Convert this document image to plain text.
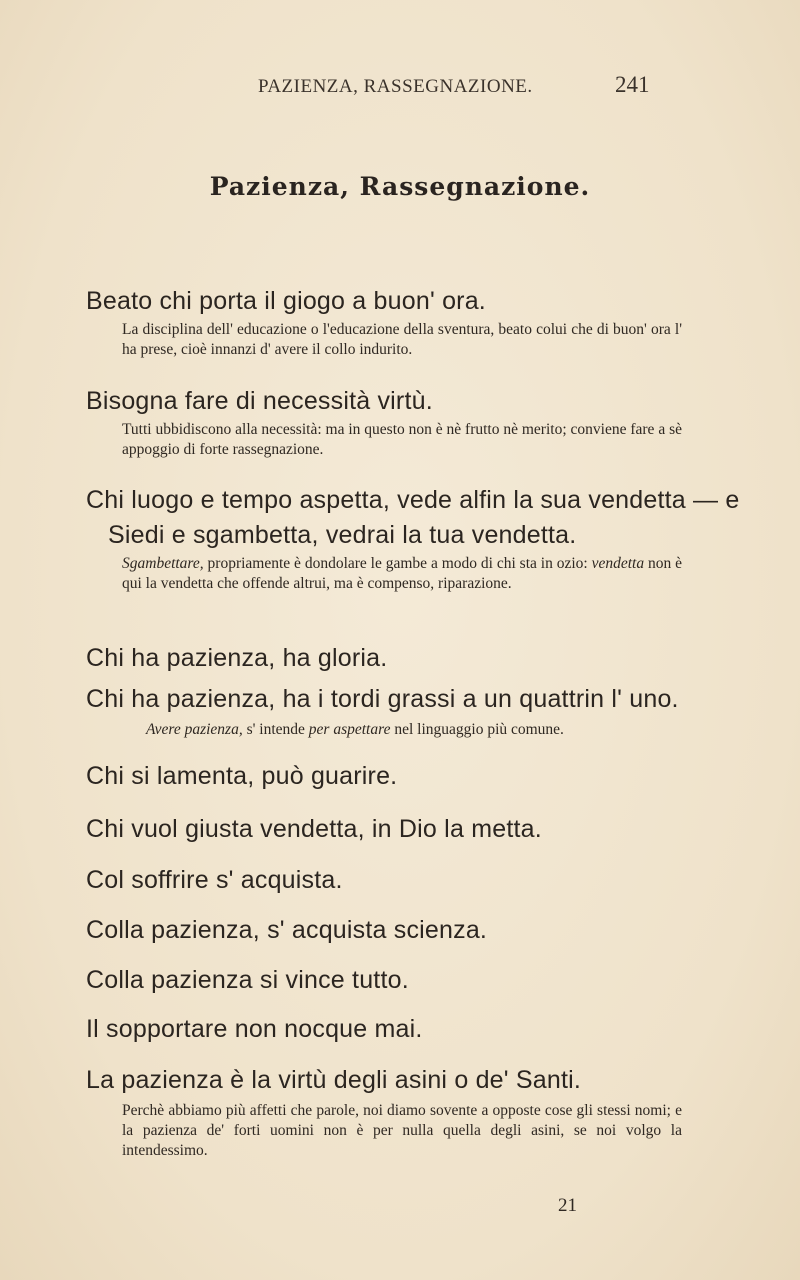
PAZIENZA, RASSEGNAZIONE.	241
Pazienza, Rassegnazione.
Beato chi porta il giogo a buon' ora.
La disciplina dell' educazione o l'educazione della sventura, beato colui che di buon' ora l' ha prese, cioè innanzi d' avere il collo indurito.
Bisogna fare di necessità virtù.
Tutti ubbidiscono alla necessità: ma in questo non è nè frutto nè merito; conviene fare a sè appoggio di forte rassegnazione.
Chi luogo e tempo aspetta, vede alfin la sua vendetta — e
Siedi e sgambetta, vedrai la tua vendetta.
Sgambettare, propriamente è dondolare le gambe a modo di chi sta in ozio: vendetta non è qui la vendetta che offende altrui, ma è compenso, riparazione.
Chi ha pazienza, ha gloria.
Chi ha pazienza, ha i tordi grassi a un quattrin l' uno.
Avere pazienza, s' intende per aspettare nel linguaggio più comune.
Chi si lamenta, può guarire.
Chi vuol giusta vendetta, in Dio la metta.
Col soffrire s' acquista.
Colla pazienza, s' acquista scienza.
Colla pazienza si vince tutto.
Il sopportare non nocque mai.
La pazienza è la virtù degli asini o de' Santi.
Perchè abbiamo più affetti che parole, noi diamo sovente a opposte cose gli stessi nomi; e la pazienza de' forti uomini non è per nulla quella degli asini, se noi volgo la intendessimo.
21
